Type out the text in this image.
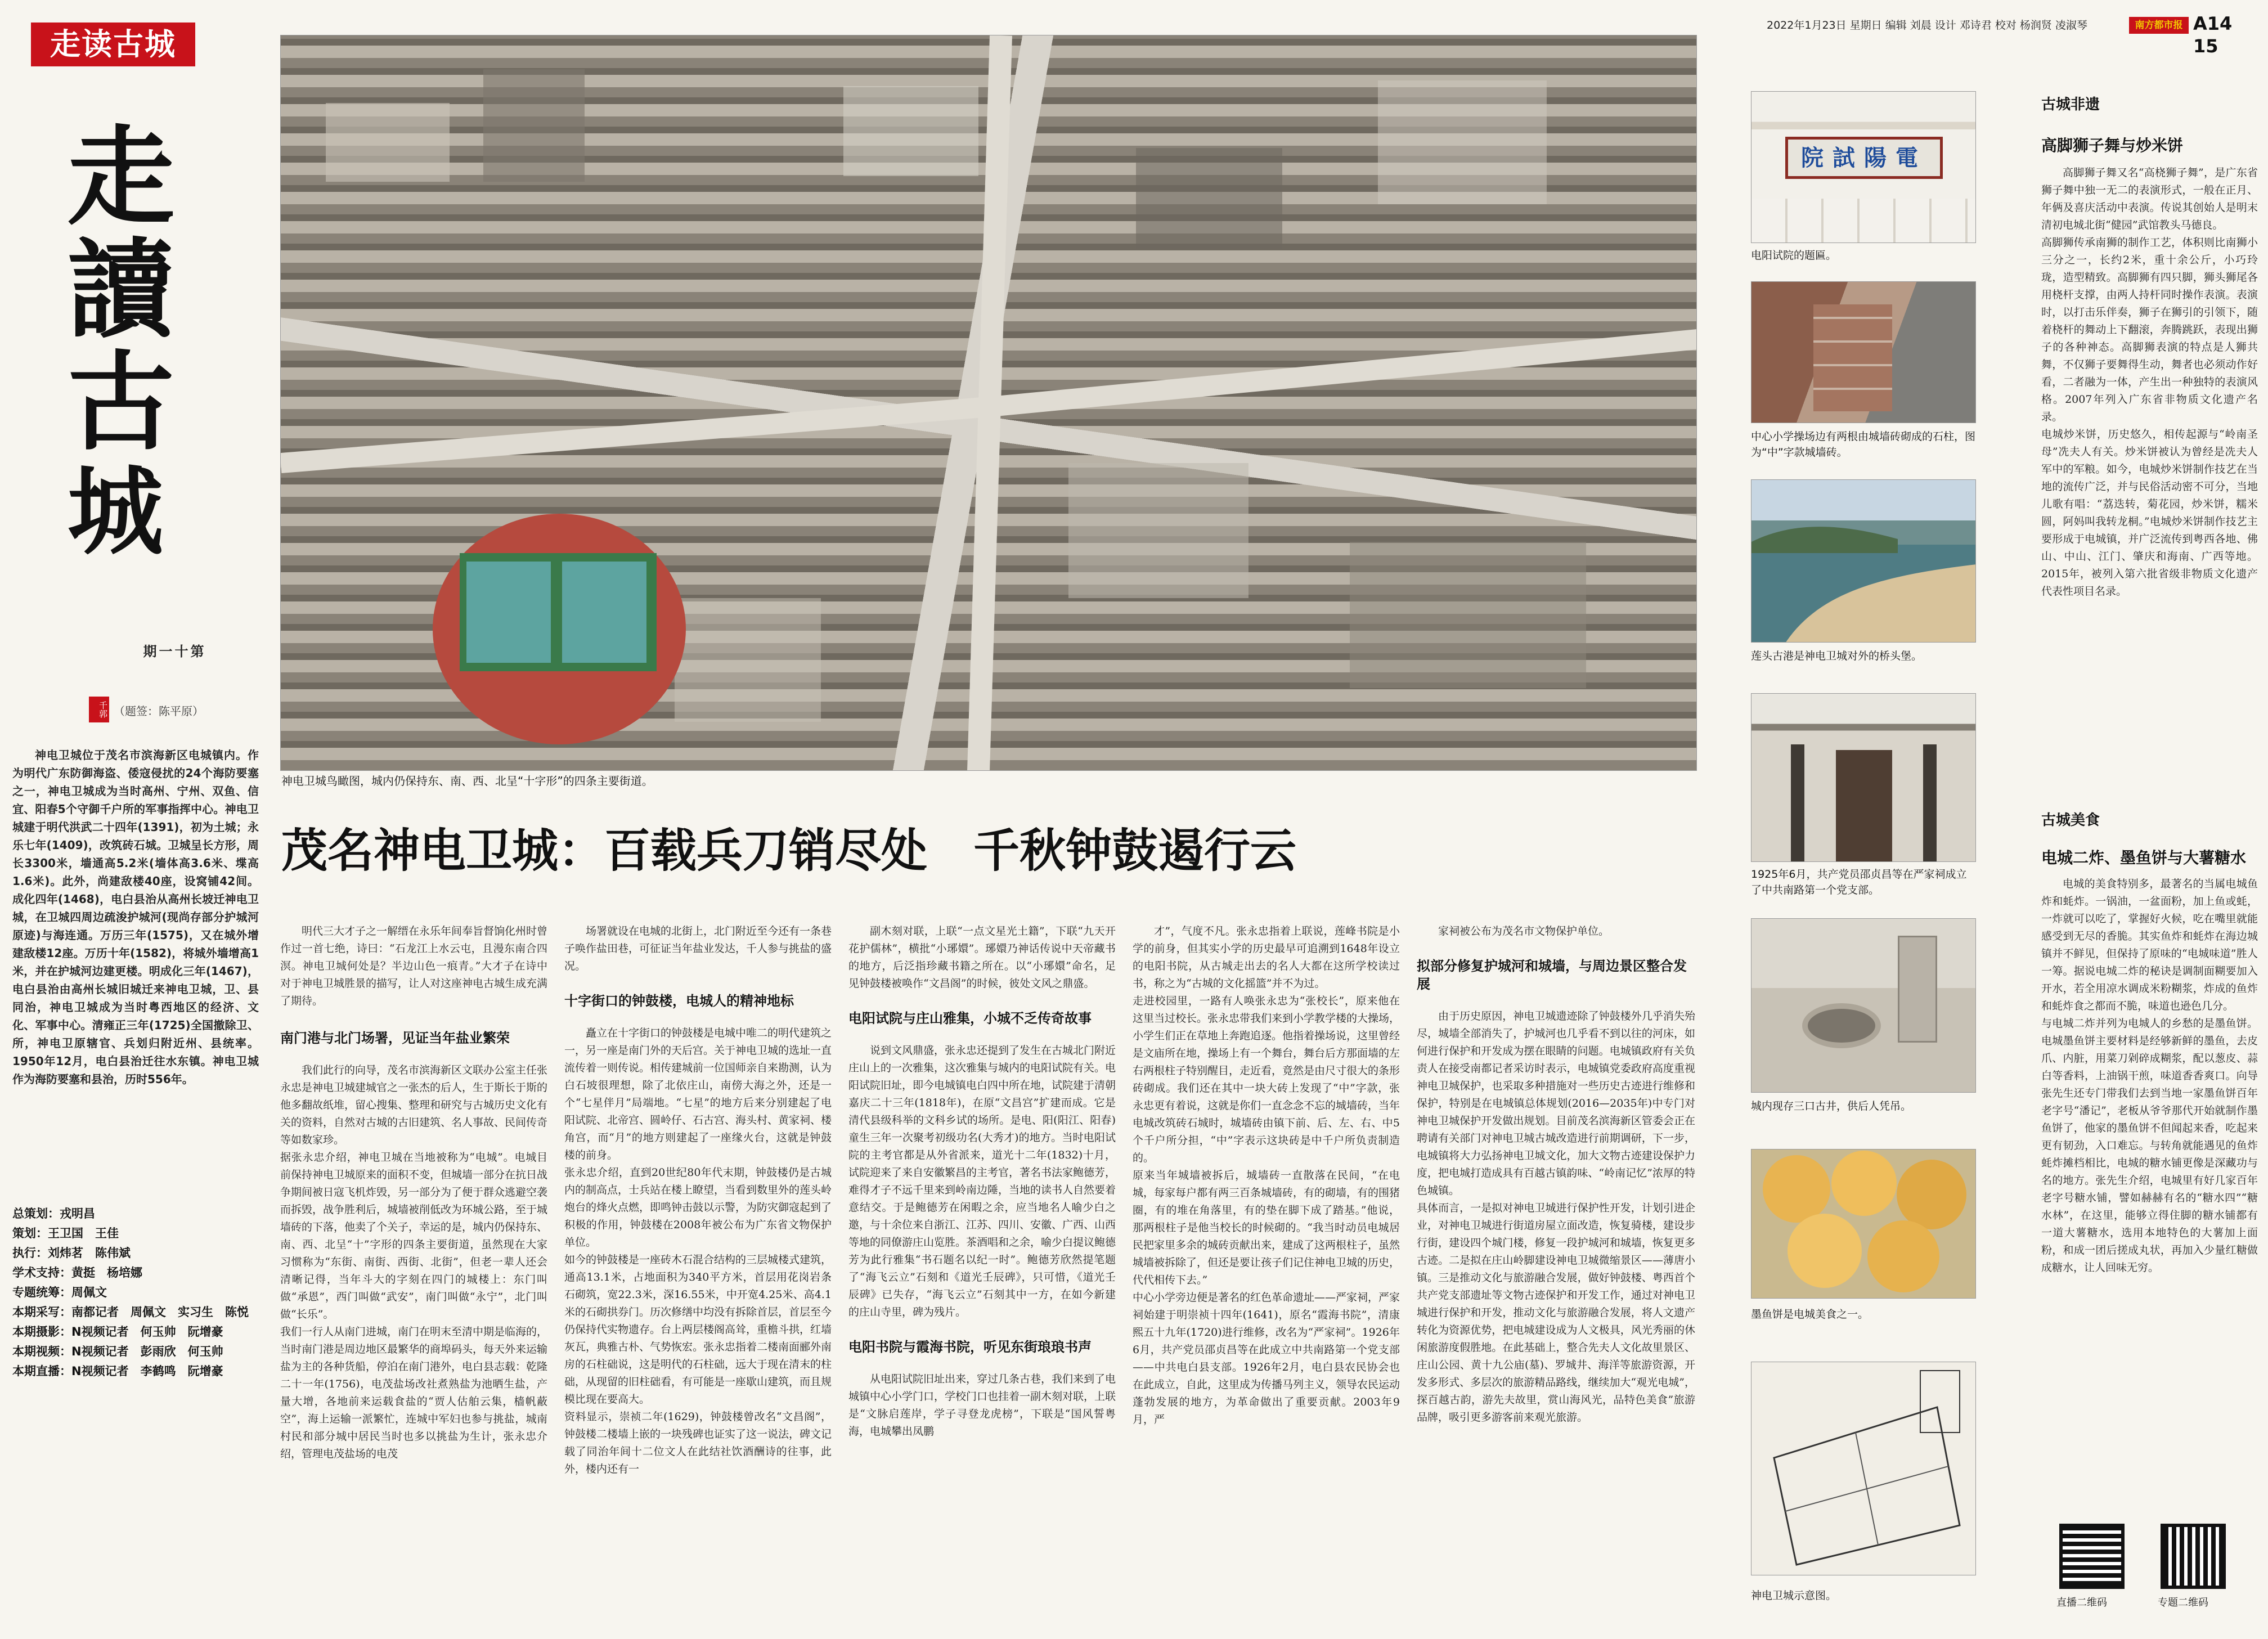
走读古城
2022年1月23日 星期日 编辑 刘晨 设计 邓诗君 校对 杨润贤 凌淑琴	南方都市报 A14 15
走
讀
古
城
第十一期
千郭 （题签：陈平原）
神电卫城位于茂名市滨海新区电城镇内。作为明代广东防御海盗、倭寇侵扰的24个海防要塞之一，神电卫城成为当时高州、宁州、双鱼、信宜、阳春5个守御千户所的军事指挥中心。神电卫城建于明代洪武二十四年(1391)，初为土城；永乐七年(1409)，改筑砖石城。卫城呈长方形，周长3300米，墙通高5.2米(墙体高3.6米、堞高1.6米)。此外，尚建敌楼40座，设窝铺42间。成化四年(1468)，电白县治从高州长坡迁神电卫城，在卫城四周边疏浚护城河(现尚存部分护城河原迹)与海连通。万历三年(1575)，又在城外增建敌楼12座。万历十年(1582)，将城外墙增高1米，并在护城河边建更楼。明成化三年(1467)，电白县治由高州长城旧城迁来神电卫城，卫、县同治，神电卫城成为当时粤西地区的经济、文化、军事中心。清雍正三年(1725)全国撤除卫、所，神电卫原辖官、兵划归附近州、县统率。1950年12月，电白县治迁往水东镇。神电卫城作为海防要塞和县治，历时556年。
总策划：戎明昌
策划：王卫国　王佳
执行：刘炜茗　陈伟斌
学术支持：黄挺　杨培娜
专题统筹：周佩文
本期采写：南都记者　周佩文　实习生　陈悦
本期摄影：N视频记者　何玉帅　阮增豪
本期视频：N视频记者　彭雨欣　何玉帅
本期直播：N视频记者　李鹤鸣　阮增豪
神电卫城鸟瞰图，城内仍保持东、南、西、北呈“十字形”的四条主要街道。
茂名神电卫城：百载兵刀销尽处　千秋钟鼓遏行云
明代三大才子之一解缙在永乐年间奉旨督饷化州时曾作过一首七绝，诗曰：“石龙江上水云屯，且漫东南合四溟。神电卫城何处是？半边山色一痕青。”大才子在诗中对于神电卫城胜景的描写，让人对这座神电古城生成充满了期待。
南门港与北门场署，见证当年盐业繁荣
我们此行的向导，茂名市滨海新区文联办公室主任张永忠是神电卫城建城官之一张杰的后人，生于斯长于斯的他多翻故纸堆，留心搜集、整理和研究与古城历史文化有关的资料，自然对古城的古旧建筑、名人事故、民间传奇等如数家珍。
据张永忠介绍，神电卫城在当地被称为“电城”。电城目前保持神电卫城原来的面积不变，但城墙一部分在抗日战争期间被日寇飞机炸毁，另一部分为了便于群众逃避空袭而拆毁，战争胜利后，城墙被削低改为环城公路，至于城墙砖的下落，他卖了个关子，幸运的是，城内仍保持东、南、西、北呈“十”字形的四条主要街道，虽然现在大家习惯称为“东街、南街、西街、北街”，但老一辈人还会清晰记得，当年斗大的字刻在四门的城楼上：东门叫做“承恩”，西门叫做“武安”，南门叫做“永宁”，北门叫做“长乐”。
我们一行人从南门进城，南门在明末至清中期是临海的，当时南门港是周边地区最繁华的商埠码头，每天外来运输盐为主的各种货船，停泊在南门港外，电白县志载：乾隆二十一年(1756)，电茂盐场改社煮熟盐为池晒生盐，产量大增，各地前来运载食盐的“贾人估舶云集，樯帆蔽空”，海上运输一派繁忙，连城中军妇也参与挑盐，城南村民和部分城中居民当时也多以挑盐为生计，张永忠介绍，管理电茂盐场的电茂
场署就设在电城的北街上，北门附近至今还有一条巷子唤作盐田巷，可征证当年盐业发达，千人参与挑盐的盛况。
十字街口的钟鼓楼，电城人的精神地标
矗立在十字街口的钟鼓楼是电城中唯二的明代建筑之一，另一座是南门外的天后宫。关于神电卫城的选址一直流传着一则传说。相传建城前一位国师亲自来勘测，认为白石坡很理想，除了北依庄山，南傍大海之外，还是一个“七星伴月”局端地。“七星”的地方后来分别建起了电阳试院、北帝宫、圆岭仔、石古宫、海头村、黄家祠、楼角宫，而“月”的地方则建起了一座缘火台，这就是钟鼓楼的前身。
张永忠介绍，直到20世纪80年代末期，钟鼓楼仍是古城内的制高点，士兵站在楼上瞭望，当看到数里外的莲头岭炮台的烽火点燃，即鸣钟击鼓以示警，为防灾御寇起到了积极的作用，钟鼓楼在2008年被公布为广东省文物保护单位。
如今的钟鼓楼是一座砖木石混合结构的三层城楼式建筑，通高13.1米，占地面积为340平方米，首层用花岗岩条石砌筑，宽22.3米，深16.55米，中开宽4.25米、高4.1米的石砌拱券门。历次修缮中均没有拆除首层，首层至今仍保持代实物遗存。台上两层楼阁高耸，重檐斗拱，红墙灰瓦，典雅古朴、气势恢宏。张永忠指着二楼南面郦外南房的石柱础说，这是明代的石柱础，远大于现在清末的柱础，从现留的旧柱础看，有可能是一座歇山建筑，而且规模比现在要高大。
资料显示，崇祯二年(1629)，钟鼓楼曾改名“文昌阁”，钟鼓楼二楼墙上嵌的一块残碑也证实了这一说法，碑文记载了同治年间十二位文人在此结社饮酒酬诗的往事，此外，楼内还有一
副木刻对联，上联“一点文星光土籍”，下联“九天开花护儒林”，横批“小琊嬛”。琊嬛乃神话传说中天帝藏书的地方，后泛指珍藏书籍之所在。以“小琊嬛”命名，足见钟鼓楼被唤作“文昌阁”的时候，彼处文风之鼎盛。
电阳试院与庄山雅集，小城不乏传奇故事
说到文风鼎盛，张永忠还提到了发生在古城北门附近庄山上的一次雅集，这次雅集与城内的电阳试院有关。电阳试院旧址，即今电城镇电白四中所在地，试院建于清朝嘉庆二十三年(1818年)，在原“文昌宫”扩建而成。它是清代县级科举的文科乡试的场所。是电、阳(阳江、阳春)童生三年一次聚考初级功名(大秀才)的地方。当时电阳试院的主考官都是从外省派来，道光十二年(1832)十月，试院迎来了来自安徽繁昌的主考官，著名书法家鲍德芳，难得才子不远千里来到岭南边陲，当地的读书人自然要着意结交。于是鲍德芳在闲暇之余，应当地名人喻少白之邀，与十余位来自浙江、江苏、四川、安徽、广西、山西等地的同僚游庄山览胜。茶酒唱和之余，喻少白提议鲍德芳为此行雅集“书石题名以纪一时”。鲍德芳欣然提笔题了“海飞云立”石刻和《道光壬辰碑》，只可惜，《道光壬辰碑》已失存，“海飞云立”石刻其中一方，在如今新建的庄山寺里，碑为残片。
电阳书院与霞海书院，听见东街琅琅书声
从电阳试院旧址出来，穿过几条古巷，我们来到了电城镇中心小学门口，学校门口也挂着一副木刻对联，上联是“文脉启莲岸，学子寻登龙虎榜”，下联是“国风誓粤海，电城攀出凤鹏
才”，气度不凡。张永忠指着上联说，莲峰书院是小学的前身，但其实小学的历史最早可追溯到1648年设立的电阳书院，从古城走出去的名人大都在这所学校读过书，称之为“古城的文化摇篮”并不为过。
走进校园里，一路有人唤张永忠为“张校长”，原来他在这里当过校长。张永忠带我们来到小学教学楼的大操场，小学生们正在草地上奔跑追逐。他指着操场说，这里曾经是文庙所在地，操场上有一个舞台，舞台后方那面墙的左右两根柱子特别醒目，走近看，竟然是由尺寸很大的条形砖砌成。我们还在其中一块大砖上发现了“中”字款，张永忠更有着说，这就是你们一直念念不忘的城墙砖，当年电城改筑砖石城时，城墙砖由镇下前、后、左、右、中5个千户所分担，“中”字表示这块砖是中千户所负责制造的。
原来当年城墙被拆后，城墙砖一直散落在民间，“在电城，每家每户都有两三百条城墙砖，有的砌墙，有的围猪圈，有的堆在角落里，有的垫在脚下成了踏基。”他说，那两根柱子是他当校长的时候砌的。“我当时动员电城居民把家里多余的城砖贡献出来，建成了这两根柱子，虽然城墙被拆除了，但还是要让孩子们记住神电卫城的历史，代代相传下去。”
中心小学旁边便是著名的红色革命遗址——严家祠，严家祠始建于明崇祯十四年(1641)，原名“霞海书院”，清康熙五十九年(1720)进行维修，改名为“严家祠”。1926年6月，共产党员邵贞昌等在此成立中共南路第一个党支部——中共电白县支部。1926年2月，电白县农民协会也在此成立，自此，这里成为传播马列主义，领导农民运动蓬勃发展的地方，为革命做出了重要贡献。2003年9月，严
家祠被公布为茂名市文物保护单位。
拟部分修复护城河和城墙，与周边景区整合发展
由于历史原因，神电卫城遗迹除了钟鼓楼外几乎消失殆尽，城墙全部消失了，护城河也几乎看不到以往的河床，如何进行保护和开发成为摆在眼睛的问题。电城镇政府有关负责人在接受南都记者采访时表示，电城镇党委政府高度重视神电卫城保护，也采取多种措施对一些历史古迹进行维修和保护，特别是在电城镇总体规划(2016—2035年)中专门对神电卫城保护开发做出规划。目前茂名滨海新区管委会正在聘请有关部门对神电卫城古城改造进行前期调研，下一步，电城镇将大力弘扬神电卫城文化，加大文物古迹建设保护力度，把电城打造成具有百越古镇韵味、“岭南记忆”浓厚的特色城镇。
具体而言，一是拟对神电卫城进行保护性开发，计划引进企业，对神电卫城进行街道房屋立面改造，恢复骑楼，建设步行街，建设四个城门楼，修复一段护城河和城墙，恢复更多古迹。二是拟在庄山岭脚建设神电卫城微缩景区——薄唐小镇。三是推动文化与旅游融合发展，做好钟鼓楼、粤西首个共产党支部遗址等文物古迹保护和开发工作，通过对神电卫城进行保护和开发，推动文化与旅游融合发展，将人文遗产转化为资源优势，把电城建设成为人文极具，风光秀丽的休闲旅游度假胜地。在此基础上，整合先夫人文化故里景区、庄山公园、黄十九公庙(墓)、罗城井、海洋等旅游资源，开发多形式、多层次的旅游精品路线，继续加大“观光电城”，探百越古韵，游先夫故里，赏山海风光，品特色美食”旅游品牌，吸引更多游客前来观光旅游。
院試陽電
电阳试院的题匾。
中心小学操场边有两根由城墙砖砌成的石柱，图为“中”字款城墙砖。
莲头古港是神电卫城对外的桥头堡。
1925年6月，共产党员邵贞昌等在严家祠成立了中共南路第一个党支部。
城内现存三口古井，供后人凭吊。
墨鱼饼是电城美食之一。
神电卫城示意图。
古城非遗
高脚狮子舞与炒米饼
高脚狮子舞又名“高桡狮子舞”，是广东省狮子舞中独一无二的表演形式，一般在正月、年俩及喜庆活动中表演。传说其创始人是明末清初电城北街“健园”武馆教头马德良。
高脚狮传承南狮的制作工艺，体积则比南狮小三分之一，长约2米，重十余公斤，小巧玲珑，造型精致。高脚狮有四只脚，狮头狮尾各用桡杆支撑，由两人持杆同时操作表演。表演时，以打击乐伴奏，狮子在狮引的引领下，随着桡杆的舞动上下翻滚，奔腾跳跃，表现出狮子的各种神态。高脚狮表演的特点是人狮共舞，不仅狮子要舞得生动，舞者也必须动作好看，二者融为一体，产生出一种独特的表演风格。2007年列入广东省非物质文化遗产名录。
电城炒米饼，历史悠久，相传起源与“岭南圣母”冼夫人有关。炒米饼被认为曾经是冼夫人军中的军粮。如今，电城炒米饼制作技艺在当地的流传广泛，并与民俗活动密不可分，当地儿歌有唱：“荔迭转，菊花园，炒米饼，糯米圆，阿妈叫我转龙桐。”电城炒米饼制作技艺主要形成于电城镇，并广泛流传到粤西各地、佛山、中山、江门、肇庆和海南、广西等地。2015年，被列入第六批省级非物质文化遗产代表性项目名录。
古城美食
电城二炸、墨鱼饼与大薯糖水
电城的美食特别多，最著名的当属电城鱼炸和蚝炸。一锅油，一盆面粉，加上鱼或蚝，一炸就可以吃了，掌握好火候，吃在嘴里就能感受到无尽的香脆。其实鱼炸和蚝炸在海边城镇并不鲜见，但保持了原味的“电城味道”胜人一筹。据说电城二炸的秘诀是调制面糊要加入开水，若全用凉水调成米粉糊浆，炸成的鱼炸和蚝炸食之都而不脆，味道也逊色几分。
与电城二炸并列为电城人的乡愁的是墨鱼饼。电城墨鱼饼主要材料是经够新鲜的墨鱼，去皮爪、内脏，用菜刀剁碎成糊浆，配以葱皮、蒜白等香料，上油锅干煎，味道香香爽口。向导张先生还专门带我们去到当地一家墨鱼饼百年老字号“潘记”，老板从爷爷那代开始就制作墨鱼饼了，他家的墨鱼饼不但闻起来香，吃起来更有韧劲，入口难忘。与转角就能遇见的鱼炸蚝炸摊档相比，电城的糖水铺更像是深藏功与名的地方。张先生介绍，电城里有好几家百年老字号糖水铺，譬如赫赫有名的“糖水四”“糖水林”，在这里，能够立得住脚的糖水铺都有一道大薯糖水，选用本地特色的大薯加上面粉，和成一团后搓成丸状，再加入少量红糖做成糖水，让人回味无穷。
直播二维码	专题二维码
